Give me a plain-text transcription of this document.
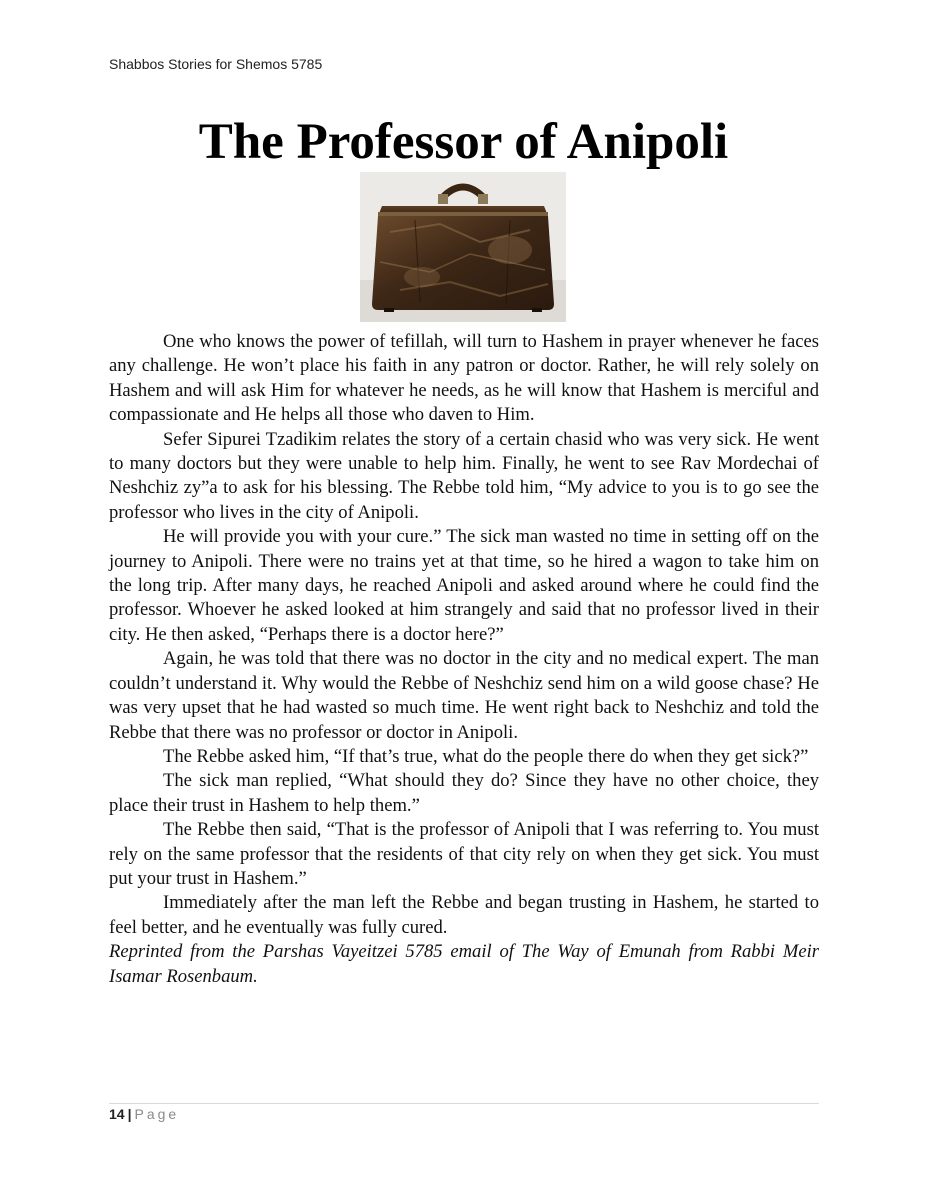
Shabbos Stories for Shemos 5785
The Professor of Anipoli

One who knows the power of tefillah, will turn to Hashem in prayer whenever he faces any challenge. He won’t place his faith in any patron or doctor. Rather, he will rely solely on Hashem and will ask Him for whatever he needs, as he will know that Hashem is merciful and compassionate and He helps all those who daven to Him.

Sefer Sipurei Tzadikim relates the story of a certain chasid who was very sick. He went to many doctors but they were unable to help him. Finally, he went to see Rav Mordechai of Neshchiz zy”a to ask for his blessing. The Rebbe told him, “My advice to you is to go see the professor who lives in the city of Anipoli.

He will provide you with your cure.” The sick man wasted no time in setting off on the journey to Anipoli. There were no trains yet at that time, so he hired a wagon to take him on the long trip. After many days, he reached Anipoli and asked around where he could find the professor. Whoever he asked looked at him strangely and said that no professor lived in their city. He then asked, “Perhaps there is a doctor here?”

Again, he was told that there was no doctor in the city and no medical expert. The man couldn’t understand it. Why would the Rebbe of Neshchiz send him on a wild goose chase? He was very upset that he had wasted so much time. He went right back to Neshchiz and told the Rebbe that there was no professor or doctor in Anipoli.

The Rebbe asked him, “If that’s true, what do the people there do when they get sick?”

The sick man replied, “What should they do? Since they have no other choice, they place their trust in Hashem to help them.”

The Rebbe then said, “That is the professor of Anipoli that I was referring to. You must rely on the same professor that the residents of that city rely on when they get sick. You must put your trust in Hashem.”

Immediately after the man left the Rebbe and began trusting in Hashem, he started to feel better, and he eventually was fully cured.

Reprinted from the Parshas Vayeitzei 5785 email of The Way of Emunah from Rabbi Meir Isamar Rosenbaum.

14 | Page
